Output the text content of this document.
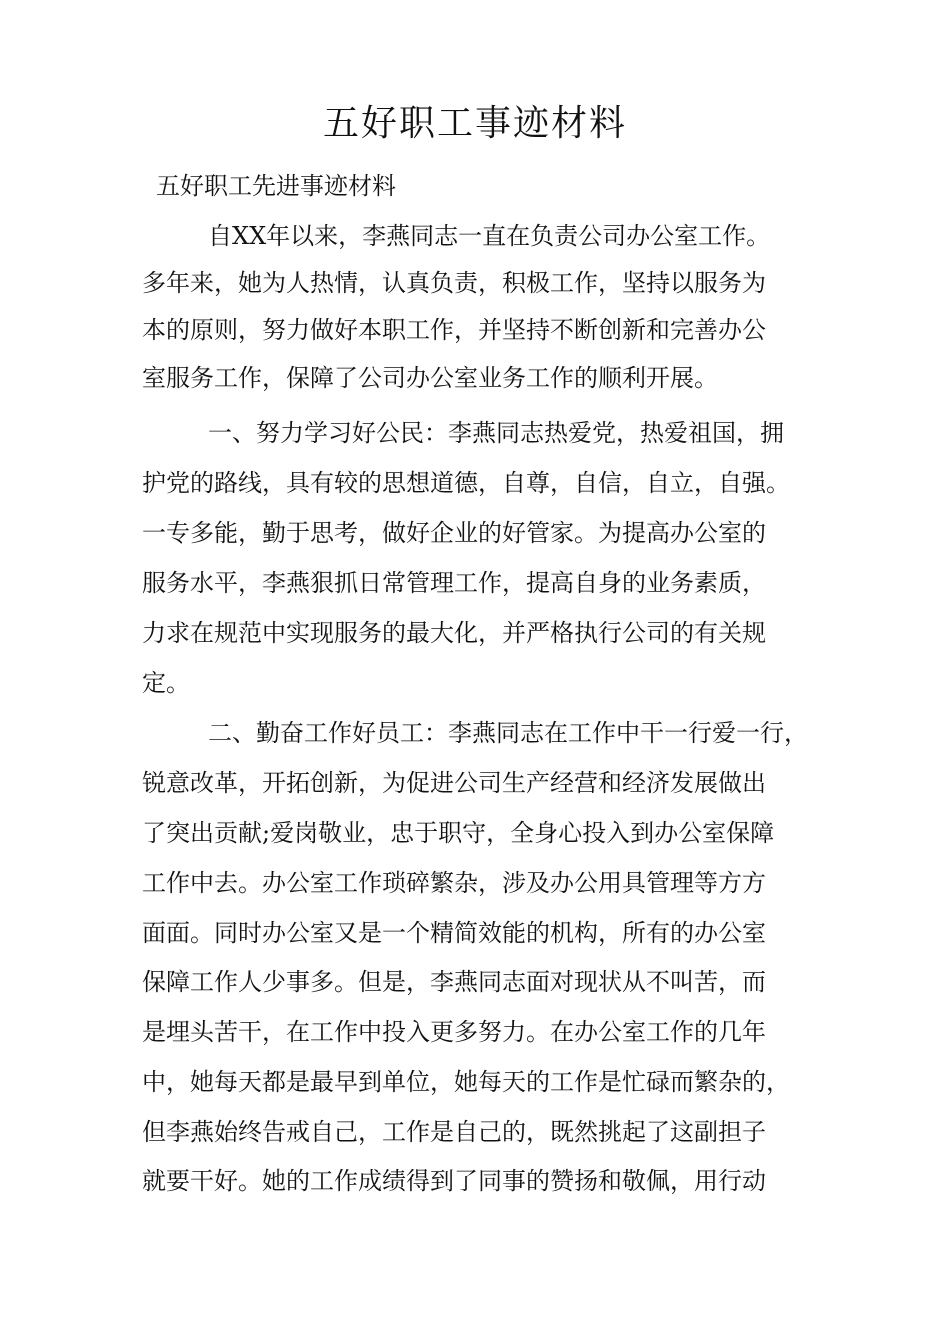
五好职工事迹材料
五好职工先进事迹材料
自XX年以来，李燕同志一直在负责公司办公室工作。
多年来，她为人热情，认真负责，积极工作，坚持以服务为
本的原则，努力做好本职工作，并坚持不断创新和完善办公
室服务工作，保障了公司办公室业务工作的顺利开展。
一、努力学习好公民：李燕同志热爱党，热爱祖国，拥
护党的路线，具有较的思想道德，自尊，自信，自立，自强。
一专多能，勤于思考，做好企业的好管家。为提高办公室的
服务水平，李燕狠抓日常管理工作，提高自身的业务素质，
力求在规范中实现服务的最大化，并严格执行公司的有关规
定。
二、勤奋工作好员工：李燕同志在工作中干一行爱一行，
锐意改革，开拓创新，为促进公司生产经营和经济发展做出
了突出贡献;爱岗敬业，忠于职守，全身心投入到办公室保障
工作中去。办公室工作琐碎繁杂，涉及办公用具管理等方方
面面。同时办公室又是一个精简效能的机构，所有的办公室
保障工作人少事多。但是，李燕同志面对现状从不叫苦，而
是埋头苦干，在工作中投入更多努力。在办公室工作的几年
中，她每天都是最早到单位，她每天的工作是忙碌而繁杂的，
但李燕始终告戒自己，工作是自己的，既然挑起了这副担子
就要干好。她的工作成绩得到了同事的赞扬和敬佩，用行动
